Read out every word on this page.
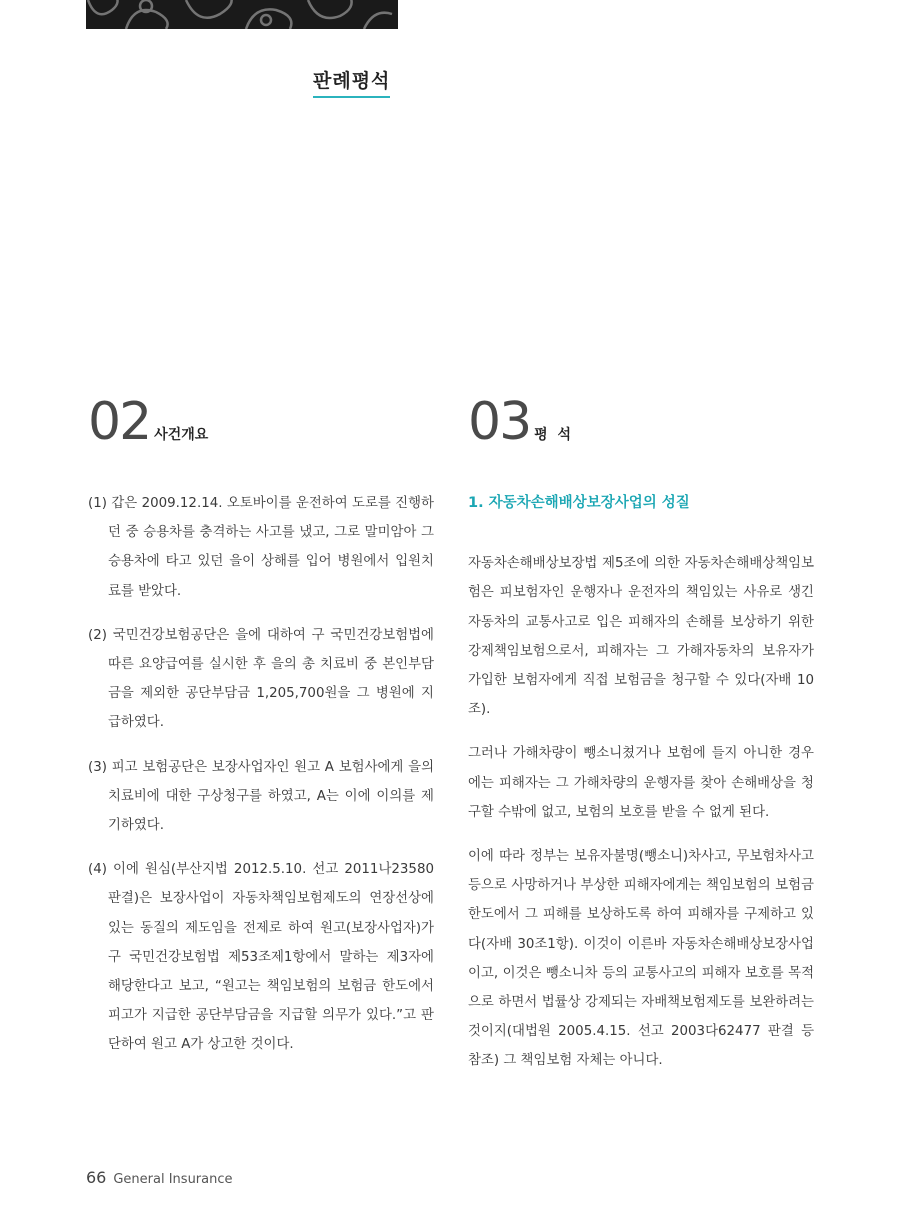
판례평석
02 사건개요	03 평  석
(1) 갑은 2009.12.14. 오토바이를 운전하여 도로를 진행하던 중 승용차를 충격하는 사고를 냈고, 그로 말미암아 그 승용차에 타고 있던 을이 상해를 입어 병원에서 입원치료를 받았다.
(2) 국민건강보험공단은 을에 대하여 구 국민건강보험법에 따른 요양급여를 실시한 후 을의 총 치료비 중 본인부담금을 제외한 공단부담금 1,205,700원을 그 병원에 지급하였다.
(3) 피고 보험공단은 보장사업자인 원고 A 보험사에게 을의 치료비에 대한 구상청구를 하였고, A는 이에 이의를 제기하였다.
(4) 이에 원심(부산지법 2012.5.10. 선고 2011나23580 판결)은 보장사업이 자동차책임보험제도의 연장선상에 있는 동질의 제도임을 전제로 하여 원고(보장사업자)가 구 국민건강보험법 제53조제1항에서 말하는 제3자에 해당한다고 보고, “원고는 책임보험의 보험금 한도에서 피고가 지급한 공단부담금을 지급할 의무가 있다.”고 판단하여 원고 A가 상고한 것이다.
1. 자동차손해배상보장사업의 성질
자동차손해배상보장법 제5조에 의한 자동차손해배상책임보험은 피보험자인 운행자나 운전자의 책임있는 사유로 생긴 자동차의 교통사고로 입은 피해자의 손해를 보상하기 위한 강제책임보험으로서, 피해자는 그 가해자동차의 보유자가 가입한 보험자에게 직접 보험금을 청구할 수 있다(자배 10조).
그러나 가해차량이 뺑소니쳤거나 보험에 들지 아니한 경우에는 피해자는 그 가해차량의 운행자를 찾아 손해배상을 청구할 수밖에 없고, 보험의 보호를 받을 수 없게 된다.
이에 따라 정부는 보유자불명(뺑소니)차사고, 무보험차사고 등으로 사망하거나 부상한 피해자에게는 책임보험의 보험금 한도에서 그 피해를 보상하도록 하여 피해자를 구제하고 있다(자배 30조1항). 이것이 이른바 자동차손해배상보장사업이고, 이것은 뺑소니차 등의 교통사고의 피해자 보호를 목적으로 하면서 법률상 강제되는 자배책보험제도를 보완하려는 것이지(대법원 2005.4.15. 선고 2003다62477 판결 등 참조) 그 책임보험 자체는 아니다.
66 General Insurance
